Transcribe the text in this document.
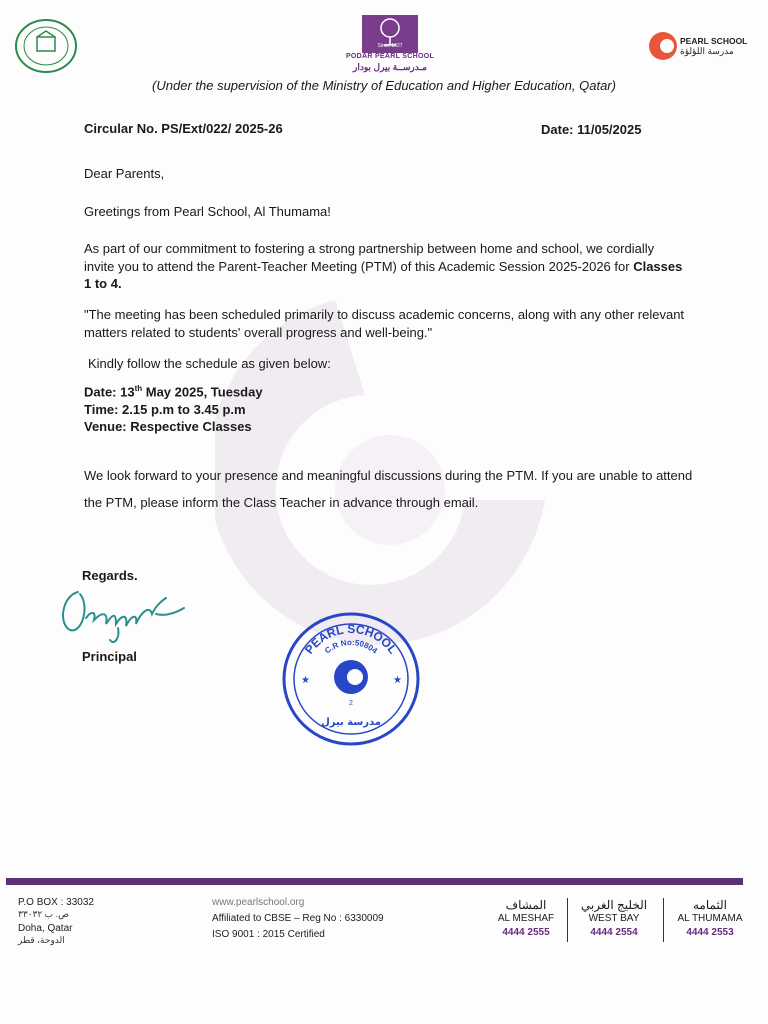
Since 1927
PODAR PEARL SCHOOL
مـدرســة بيرل بودار
PEARL SCHOOL
مدرسة اللؤلؤة
(Under the supervision of the Ministry of Education and Higher Education, Qatar)
Circular No. PS/Ext/022/ 2025-26	Date: 11/05/2025
Dear Parents,
Greetings from Pearl School, Al Thumama!
As part of our commitment to fostering a strong partnership between home and school, we cordially invite you to attend the Parent-Teacher Meeting (PTM) of this Academic Session 2025-2026 for Classes 1 to 4.
"The meeting has been scheduled primarily to discuss academic concerns, along with any other relevant matters related to students' overall progress and well-being."
Kindly follow the schedule as given below:
Date: 13th May 2025, Tuesday
Time: 2.15 p.m to 3.45 p.m
Venue: Respective Classes
We look forward to your presence and meaningful discussions during the PTM. If you are unable to attend the PTM, please inform the Class Teacher in advance through email.
Regards.
Principal	PEARL SCHOOL
C.R No:50804
2
مدرسة بيرل
★	★
P.O BOX : 33032
ص. ب ٣٣٠٣٢
Doha, Qatar
الدوحة، قطر
www.pearlschool.org
Affiliated to CBSE – Reg No : 6330009
ISO 9001 : 2015 Certified
المشاف
AL MESHAF
4444 2555
الخليج الغربي
WEST BAY
4444 2554
الثمامه
AL THUMAMA
4444 2553
